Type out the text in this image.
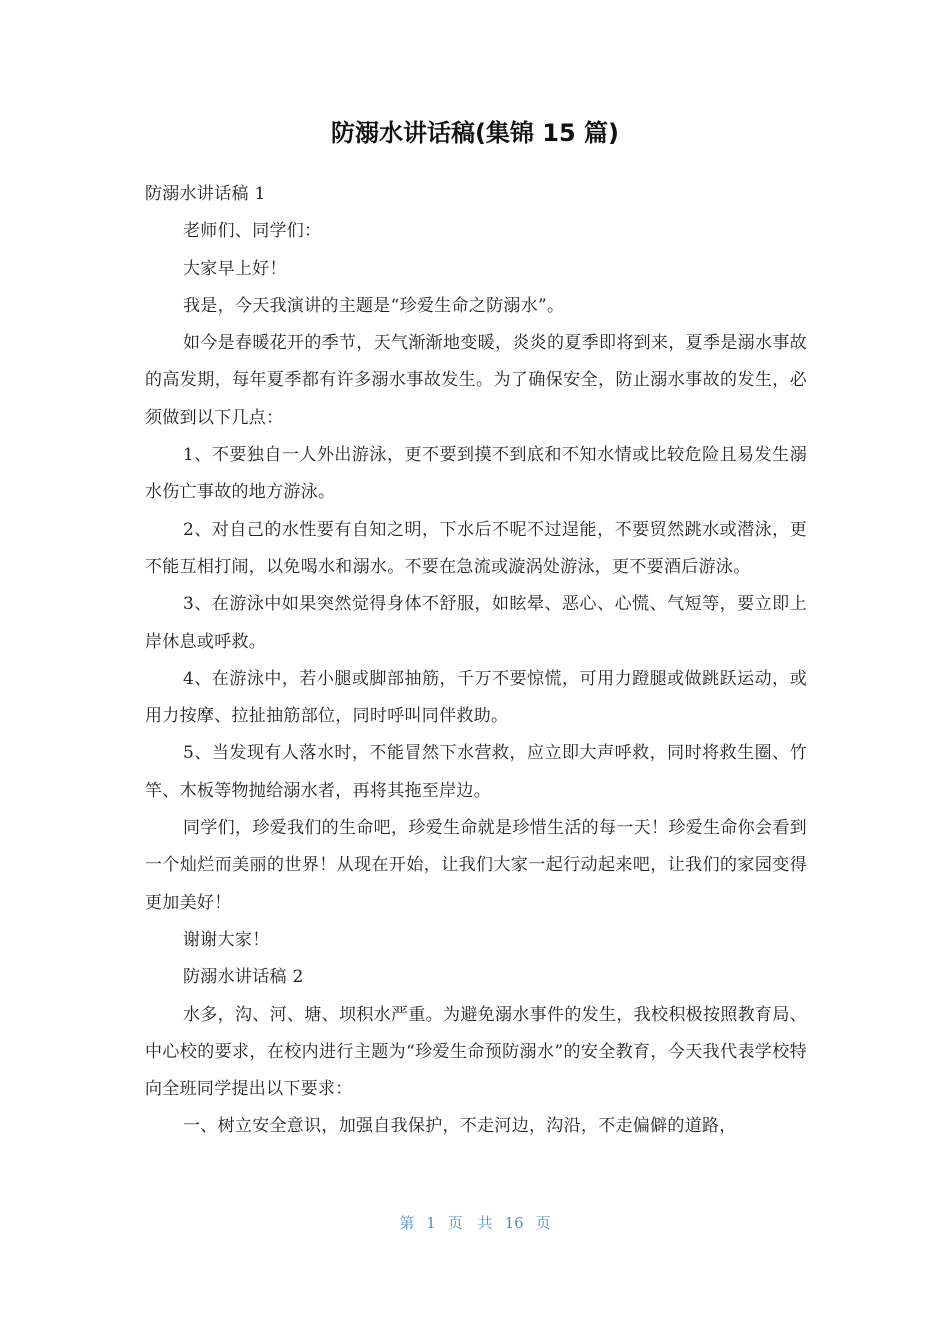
防溺水讲话稿(集锦 15 篇)

防溺水讲话稿 1

老师们、同学们：

大家早上好！

我是，今天我演讲的主题是“珍爱生命之防溺水”。

如今是春暖花开的季节，天气渐渐地变暖，炎炎的夏季即将到来，夏季是溺水事故的高发期，每年夏季都有许多溺水事故发生。为了确保安全，防止溺水事故的发生，必须做到以下几点：

1、不要独自一人外出游泳，更不要到摸不到底和不知水情或比较危险且易发生溺水伤亡事故的地方游泳。

2、对自己的水性要有自知之明，下水后不呢不过逞能，不要贸然跳水或潜泳，更不能互相打闹，以免喝水和溺水。不要在急流或漩涡处游泳，更不要酒后游泳。

3、在游泳中如果突然觉得身体不舒服，如眩晕、恶心、心慌、气短等，要立即上岸休息或呼救。

4、在游泳中，若小腿或脚部抽筋，千万不要惊慌，可用力蹬腿或做跳跃运动，或用力按摩、拉扯抽筋部位，同时呼叫同伴救助。

5、当发现有人落水时，不能冒然下水营救，应立即大声呼救，同时将救生圈、竹竿、木板等物抛给溺水者，再将其拖至岸边。

同学们，珍爱我们的生命吧，珍爱生命就是珍惜生活的每一天！珍爱生命你会看到一个灿烂而美丽的世界！从现在开始，让我们大家一起行动起来吧，让我们的家园变得更加美好！

谢谢大家！

防溺水讲话稿 2

水多，沟、河、塘、坝积水严重。为避免溺水事件的发生，我校积极按照教育局、中心校的要求，在校内进行主题为“珍爱生命预防溺水”的安全教育，今天我代表学校特向全班同学提出以下要求：

一、树立安全意识，加强自我保护，不走河边，沟沿，不走偏僻的道路，

第 1 页 共 16 页
